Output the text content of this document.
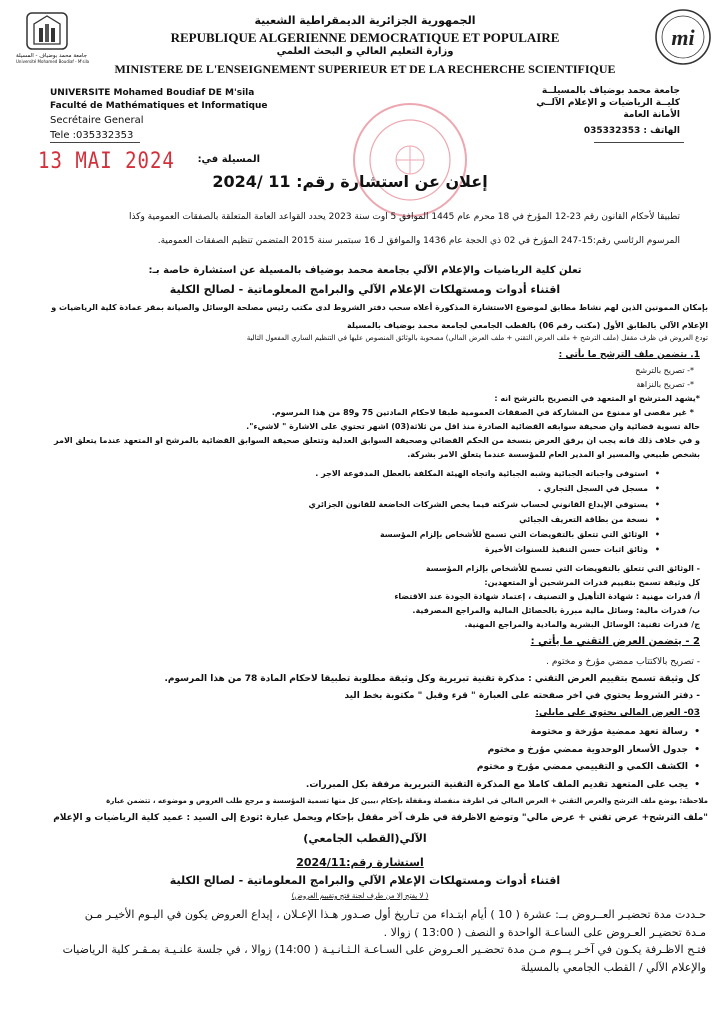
جامعة محمد بوضياف - المسيلة
Université Mohamed Boudiaf - M'sila
mi
الجمهورية الجزائرية الديمقراطية الشعبية
REPUBLIQUE ALGERIENNE DEMOCRATIQUE ET POPULAIRE
وزارة التعليم العالي و البحث العلمي
MINISTERE DE L'ENSEIGNEMENT SUPERIEUR ET DE LA RECHERCHE SCIENTIFIQUE
UNIVERSITE Mohamed Boudiaf DE M'sila
Faculté de Mathématiques et Informatique
Secrétaire General
Tele :035332353
جامعة محمد بوضياف بالمسيلــة
كليــة الرياضيات و الإعلام الآلــي
الأمانة العامة
الهاتف : 035332353
13 MAI 2024	المسيلة في:
إعلان عن استشارة رقم: 11 /2024
تطبيقا لأحكام القانون رقم 23-12 المؤرخ في 18 محرم عام 1445 الموافق 5 اوت سنة 2023 يحدد القواعد العامة المتعلقة بالصفقات العمومية وكذا
المرسوم الرئاسي رقم:15-247 المؤرخ في 02 ذي الحجة عام 1436 والموافق لـ 16 سبتمبر سنة 2015 المتضمن تنظيم الصفقات العمومية.
تعلن كلية الرياضيات والإعلام الآلي بجامعة محمد بوضياف بالمسيلة عن استشارة خاصة بـ:
اقتناء أدوات ومستهلكات الإعلام الآلي والبرامج المعلوماتية - لصالح الكلية
بإمكان الممونين الذين لهم نشاط مطابق لموضوع الاستشارة المذكورة أعلاه سحب دفتر الشروط لدى مكتب رئيس مصلحة الوسائل والصيانة بمقر عمادة كلية الرياضيات و
الإعلام الآلي بالطابق الأول (مكتب رقم 06) بالقطب الجامعي لجامعة محمد بوضياف بالمسيلة
تودع العروض في ظرف مقفل (ملف الترشح + ملف العرض التقني + ملف العرض المالي) مصحوبة بالوثائق المنصوص عليها في التنظيم الساري المفعول التالية
1. يتضمن ملف الترشح ما يأتي :
*- تصريح بالترشح
*- تصريح بالنزاهة
*يشهد المترشح او المتعهد في التصريح بالترشح انه :
* غير مقصى او ممنوع من المشاركة في الصفقات العمومية طبقا لاحكام المادتين 75 و89 من هذا المرسوم.
حالة تسوية قضائية وان صحيفة سوابقه القضائية الصادرة منذ اقل من ثلاثة(03) اشهر تحتوي على الاشارة " لاشيء".
و في خلاف ذلك فانه يجب ان يرفق العرض بنسخة من الحكم القضائي وصحيفة السوابق العدلية وتتعلق صحيفة السوابق القضائية بالمرشح او المتعهد عندما يتعلق الامر
بشخص طبيعي والمسير او المدير العام للمؤسسة عندما يتعلق الامر بشركة.
• استوفى واجباته الجبائية وشبه الجبائية واتجاه الهيئة المكلفة بالعطل المدفوعة الاجر .
• مسجل في السجل التجاري .
• يستوفي الإيداع القانوني لحساب شركته فيما يخص الشركات الخاضعة للقانون الجزائري
• نسخة من بطاقة التعريف الجبائي
• الوثائق التي تتعلق بالتفويضات التي تسمح للأشخاص بإلزام المؤسسة
• وثائق اثبات حسن التنفيذ للسنوات الأخيرة
- الوثائق التي تتعلق بالتفويضات التي تسمح للأشخاص بإلزام المؤسسة
كل وثيقة تسمح بتقييم قدرات المرشحين أو المتعهدين:
أ/ قدرات مهنية : شهادة التأهيل و التصنيف ، إعتماد شهادة الجودة عند الاقتضاء
ب/ قدرات مالية: وسائل مالية مبررة بالحصائل المالية والمراجع المصرفية.
ج/ قدرات تقنية: الوسائل البشرية والمادية والمراجع المهنية.
2 - يتضمن العرض التقني ما يأتي :
- تصريح بالاكتتاب ممضي مؤرخ و مختوم .
كل وثيقة تسمح بتقييم العرض التقني : مذكرة تقنية تبريرية وكل وثيقة مطلوبة تطبيقا لاحكام المادة 78 من هذا المرسوم.
- دفتر الشروط يحتوي في اخر صفحته على العبارة " قرء وقبل " مكتوبة بخط اليد
03- العرض المالي يحتوي على مايلي:
• رسالة تعهد ممضية مؤرخة و مختومة
• جدول الأسعار الوحدوية ممضي مؤرخ و مختوم
• الكشف الكمي و التقييمي ممضي مؤرخ و مختوم
• يجب على المتعهد تقديم الملف كاملا مع المذكرة التقنية التبريرية مرفقة بكل المبررات.
ملاحظة: يوضع ملف الترشح والعرض التقني + العرض المالي في اظرفة منفصلة ومقفلة بإحكام ،يبين كل منها تسمية المؤسسة و مرجع طلب العروض و موضوعه ، تتضمن عبارة
"ملف الترشح+ عرض تقني + عرض مالي" وتوضع الاظرفة في ظرف آخر مقفل بإحكام ويحمل عبارة :تودع إلى السيد : عميد كلية الرياضيات و الإعلام
الآلي(القطب الجامعي)
استشارة رقم:2024/11
اقتناء أدوات ومستهلكات الإعلام الآلي والبرامج المعلوماتية - لصالح الكلية
( لا يفتح إلا من طرف لجنة فتح وتقييم العروض)
حـددت مدة تحضيـر العــروض بــ: عشرة ( 10 ) أيام ابتـداء من تـاريخ أول صـدور هـذا الإعـلان ، إيداع العروض يكون في اليـوم الأخيـر مـن
مـدة تحضيـر العـروض على الساعـة الواحدة و النصف ( 13:00 ) زوالا .
فتـح الاظـرفة يكـون في آخـر يــوم مـن مدة تحضـير العـروض على السـاعـة الـثـانـيـة ( 14:00) زوالا ، في جلسة علنـيـة بمـقـر كلية الرياضيات
والإعلام الآلي / القطب الجامعي بالمسيلة
